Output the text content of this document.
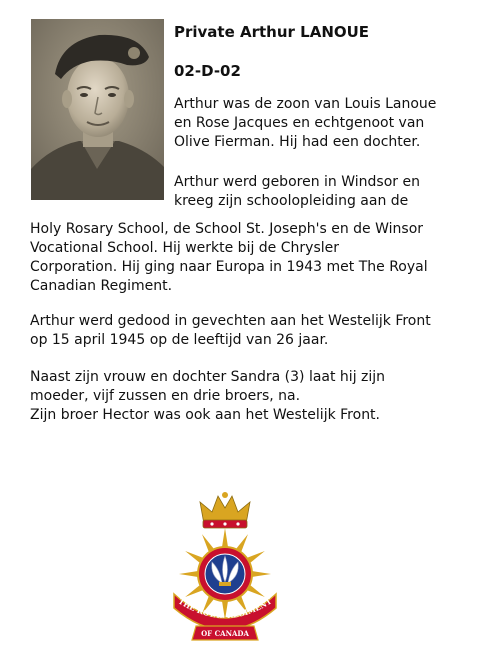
Private Arthur LANOUE
02-D-02

Arthur was de zoon van Louis Lanoue
en Rose Jacques en echtgenoot van
Olive Fierman. Hij had een dochter.

Arthur werd geboren in Windsor en
kreeg zijn schoolopleiding aan de

Holy Rosary School, de School St. Joseph's en de Winsor
Vocational School. Hij werkte bij de Chrysler
Corporation. Hij ging naar Europa in 1943 met The Royal
Canadian Regiment.

Arthur werd gedood in gevechten aan het Westelijk Front
op 15 april 1945 op de leeftijd van 26 jaar.

Naast zijn vrouw en dochter Sandra (3) laat hij zijn
moeder, vijf zussen en drie broers, na.
Zijn broer Hector was ook aan het Westelijk Front.

THE ROYAL REGIMENT
OF CANADA
